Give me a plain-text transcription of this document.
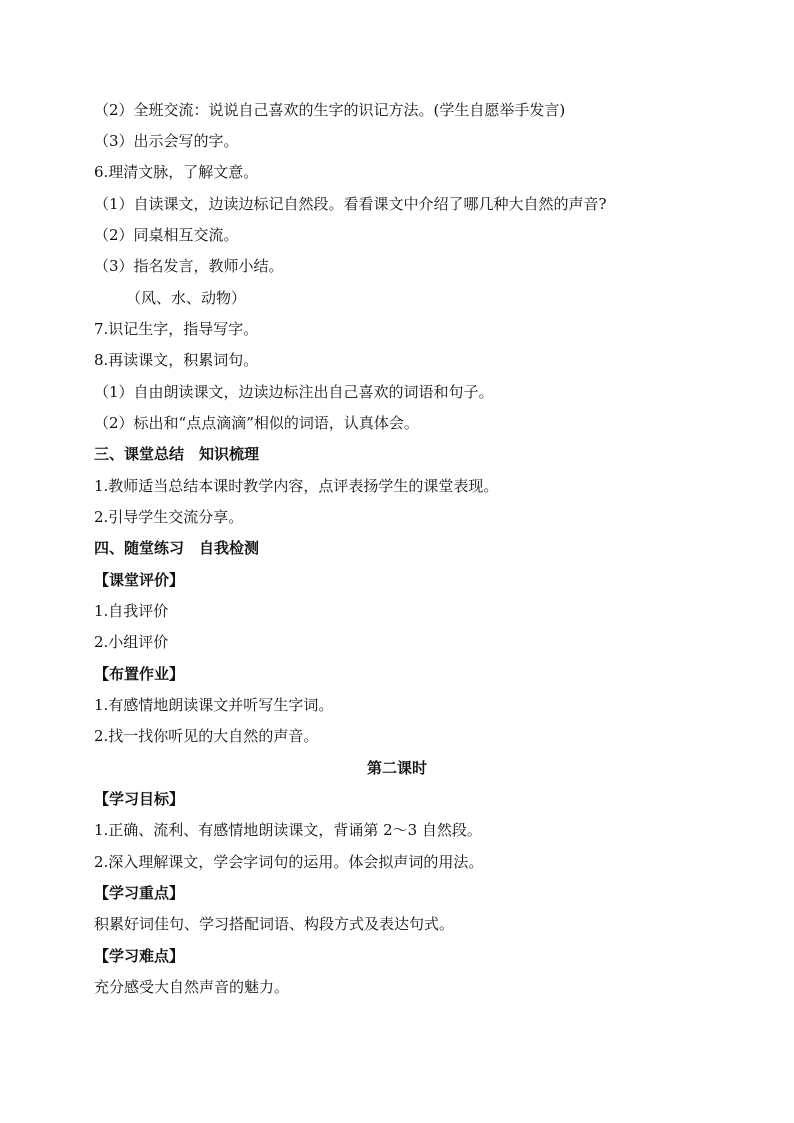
（2）全班交流：说说自己喜欢的生字的识记方法。(学生自愿举手发言)
（3）出示会写的字。
6.理清文脉，了解文意。
（1）自读课文，边读边标记自然段。看看课文中介绍了哪几种大自然的声音?
（2）同桌相互交流。
（3）指名发言，教师小结。
（风、水、动物）
7.识记生字，指导写字。
8.再读课文，积累词句。
（1）自由朗读课文，边读边标注出自己喜欢的词语和句子。
（2）标出和“点点滴滴”相似的词语，认真体会。
三、课堂总结　知识梳理
1.教师适当总结本课时教学内容，点评表扬学生的课堂表现。
2.引导学生交流分享。
四、随堂练习　自我检测
【课堂评价】
1.自我评价
2.小组评价
【布置作业】
1.有感情地朗读课文并听写生字词。
2.找一找你听见的大自然的声音。
第二课时
【学习目标】
1.正确、流利、有感情地朗读课文，背诵第 2～3 自然段。
2.深入理解课文，学会字词句的运用。体会拟声词的用法。
【学习重点】
积累好词佳句、学习搭配词语、构段方式及表达句式。
【学习难点】
充分感受大自然声音的魅力。
